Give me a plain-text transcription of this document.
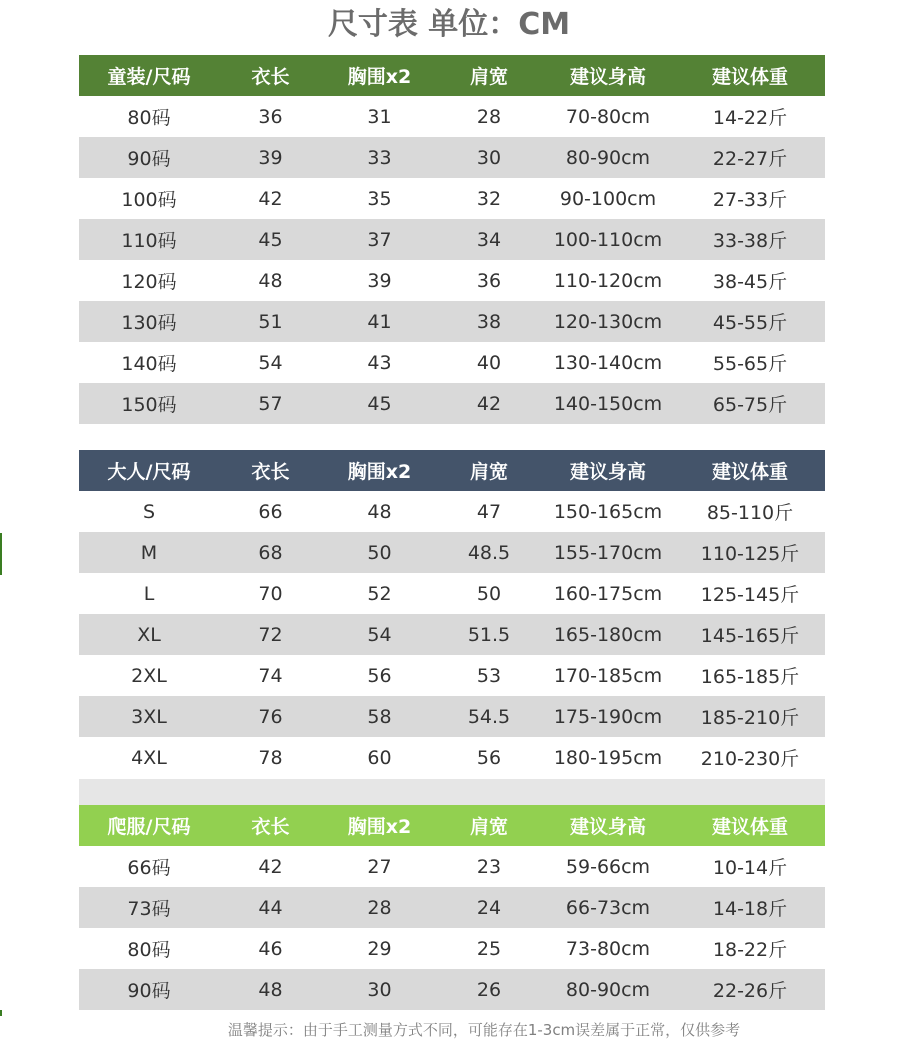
尺寸表 单位：CM
童装/尺码	衣长	胸围x2	肩宽	建议身高	建议体重
80码	36	31	28	70-80cm	14-22斤
90码	39	33	30	80-90cm	22-27斤
100码	42	35	32	90-100cm	27-33斤
110码	45	37	34	100-110cm	33-38斤
120码	48	39	36	110-120cm	38-45斤
130码	51	41	38	120-130cm	45-55斤
140码	54	43	40	130-140cm	55-65斤
150码	57	45	42	140-150cm	65-75斤
大人/尺码	衣长	胸围x2	肩宽	建议身高	建议体重
S	66	48	47	150-165cm	85-110斤
M	68	50	48.5	155-170cm	110-125斤
L	70	52	50	160-175cm	125-145斤
XL	72	54	51.5	165-180cm	145-165斤
2XL	74	56	53	170-185cm	165-185斤
3XL	76	58	54.5	175-190cm	185-210斤
4XL	78	60	56	180-195cm	210-230斤
爬服/尺码	衣长	胸围x2	肩宽	建议身高	建议体重
66码	42	27	23	59-66cm	10-14斤
73码	44	28	24	66-73cm	14-18斤
80码	46	29	25	73-80cm	18-22斤
90码	48	30	26	80-90cm	22-26斤
温馨提示：由于手工测量方式不同，可能存在1-3cm误差属于正常，仅供参考
